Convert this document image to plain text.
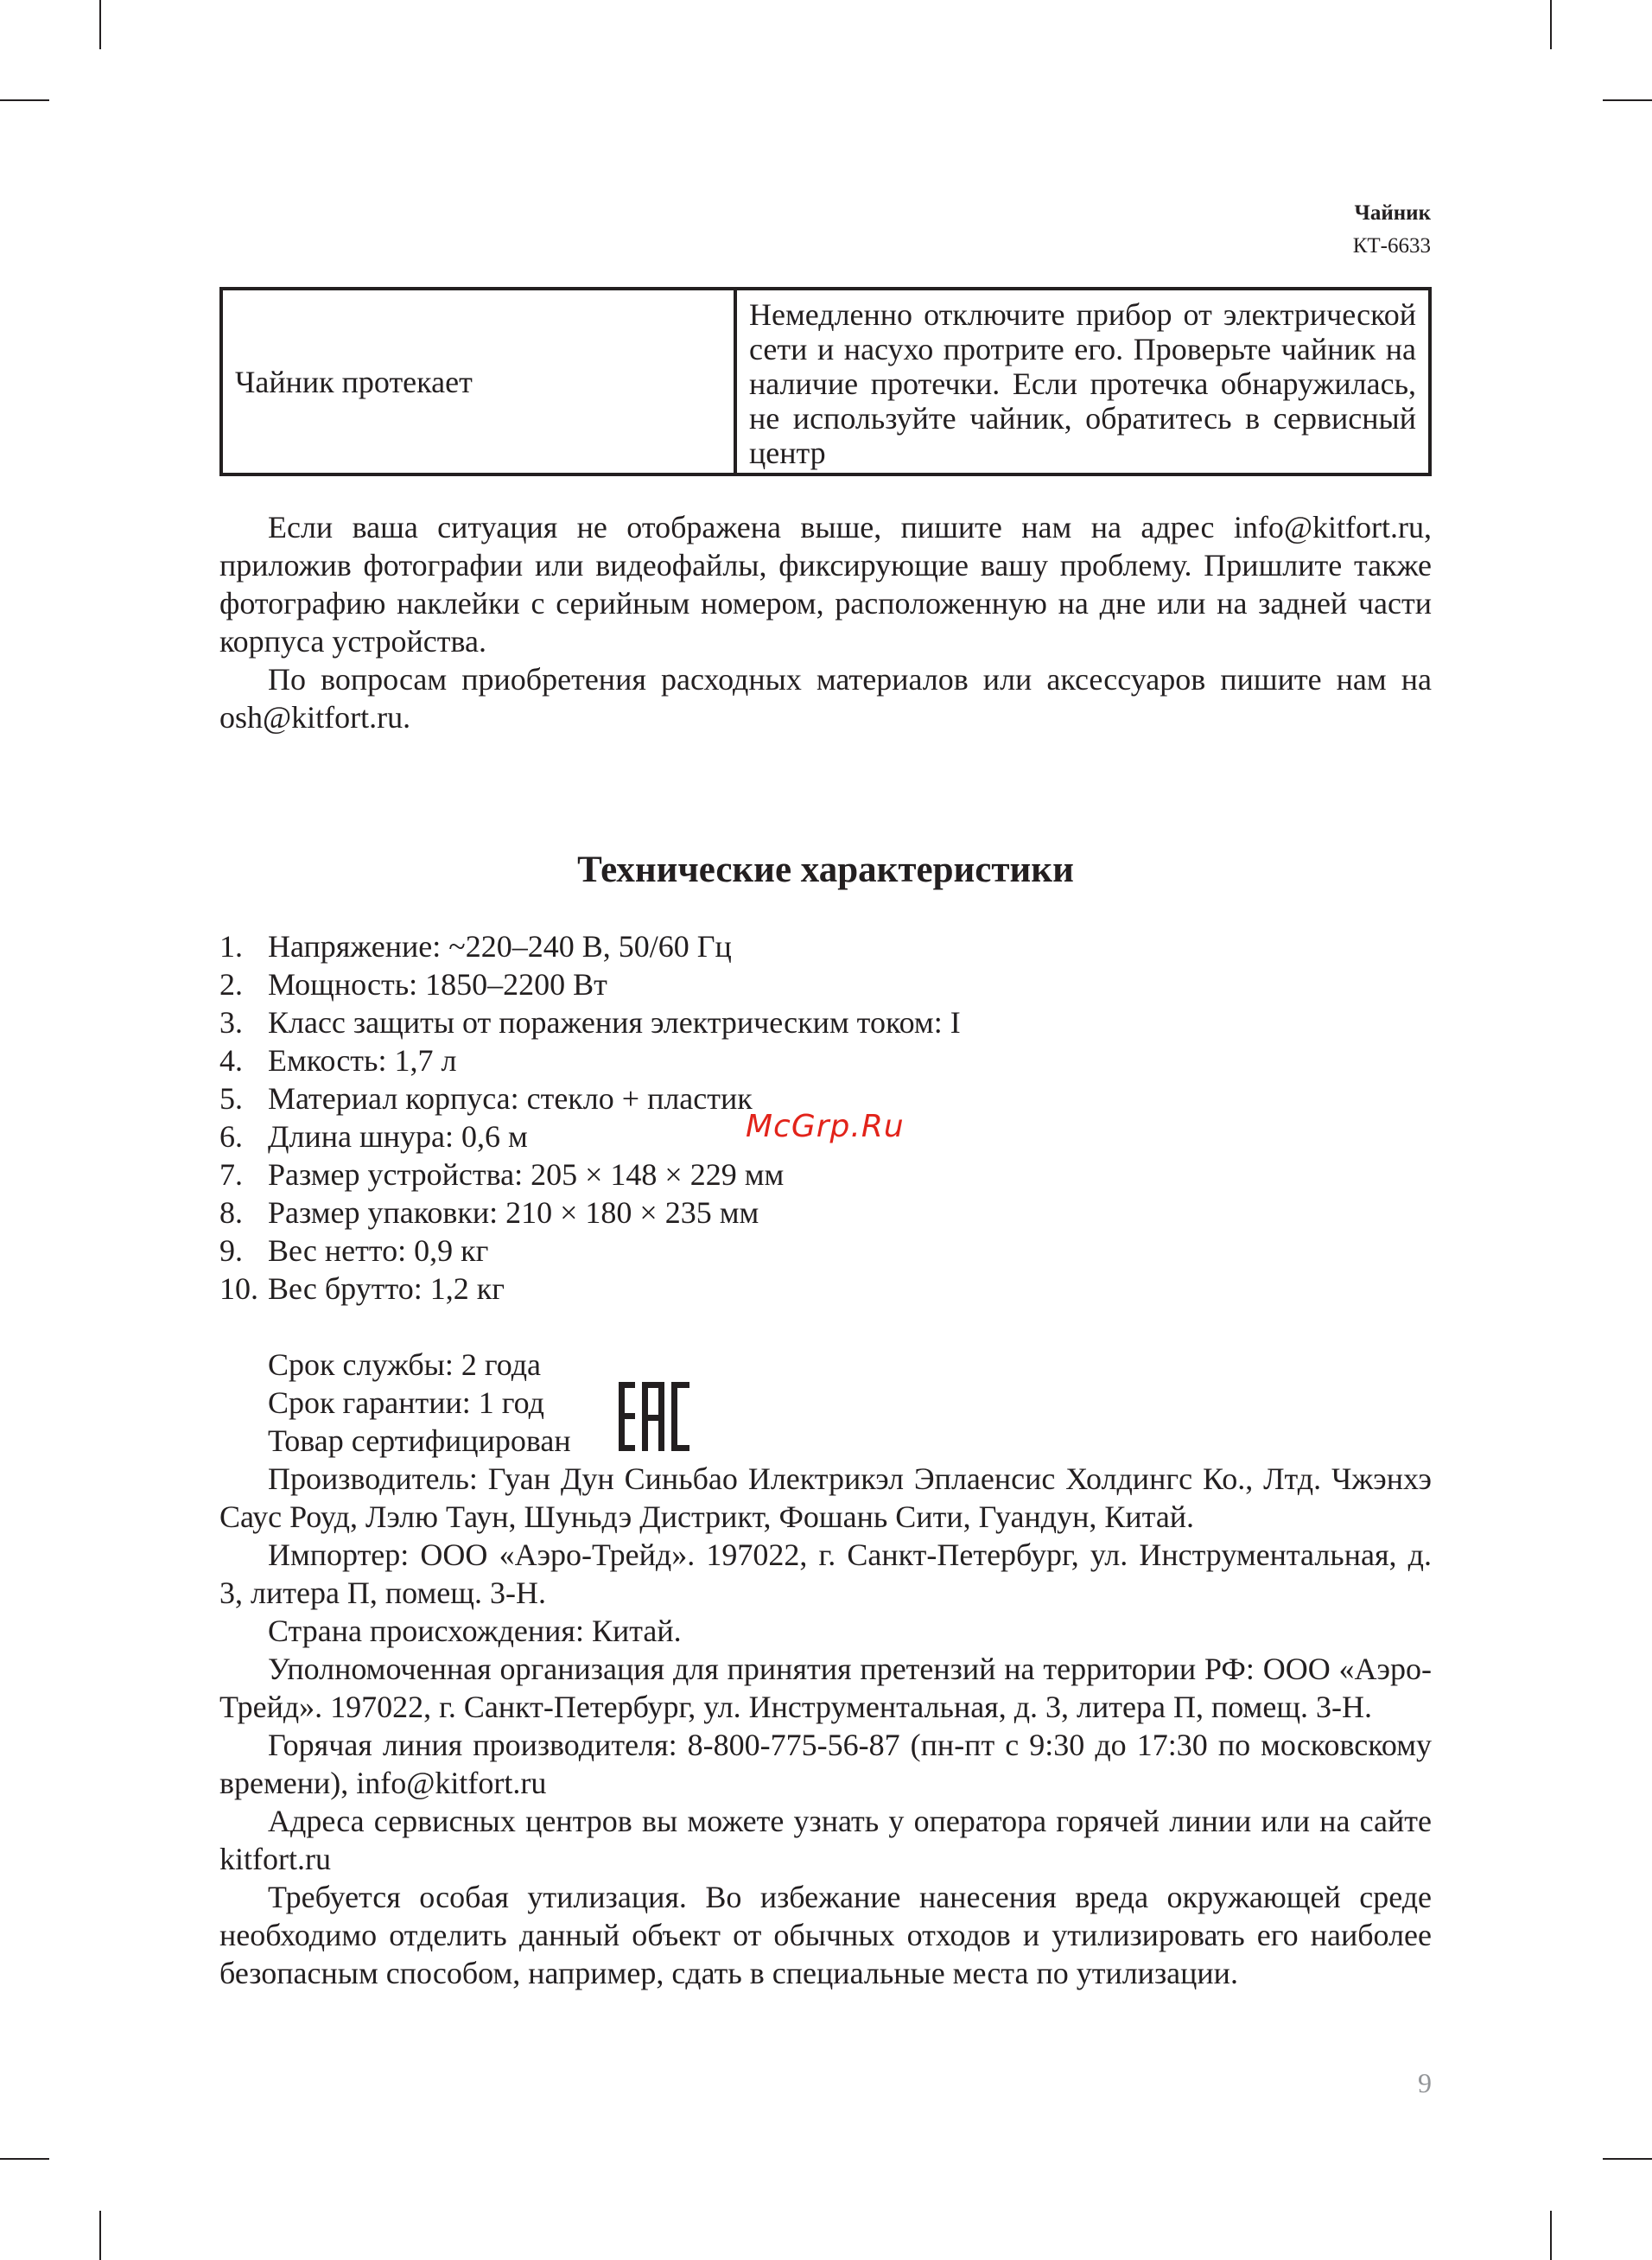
Чайник
КТ-6633
Чайник протекает	Немедленно отключите прибор от электрической сети и насухо протрите его. Проверьте чайник на наличие протечки. Если протечка обнаружилась, не используйте чайник, обратитесь в сервисный центр

Если ваша ситуация не отображена выше, пишите нам на адрес info@kitfort.ru, приложив фотографии или видеофайлы, фиксирующие вашу проблему. Пришлите также фотографию наклейки с серийным номером, расположенную на дне или на задней части корпуса устройства.

По вопросам приобретения расходных материалов или аксессуаров пишите нам на osh@kitfort.ru.

Технические характеристики
1. Напряжение: ~220–240 В, 50/60 Гц
2. Мощность: 1850–2200 Вт
3. Класс защиты от поражения электрическим током: I
4. Емкость: 1,7 л
5. Материал корпуса: стекло + пластик
6. Длина шнура: 0,6 м
7. Размер устройства: 205 × 148 × 229 мм
8. Размер упаковки: 210 × 180 × 235 мм
9. Вес нетто: 0,9 кг
10. Вес брутто: 1,2 кг
McGrp.Ru
Срок службы: 2 года
Срок гарантии: 1 год
Товар сертифицирован

Производитель: Гуан Дун Синьбао Илектрикэл Эплаенсис Холдингс Ко., Лтд. Чжэнхэ Саус Роуд, Лэлю Таун, Шуньдэ Дистрикт, Фошань Сити, Гуандун, Китай.

Импортер: ООО «Аэро-Трейд». 197022, г. Санкт-Петербург, ул. Инструментальная, д. 3, литера П, помещ. 3-Н.

Страна происхождения: Китай.

Уполномоченная организация для принятия претензий на территории РФ: ООО «Аэро-Трейд». 197022, г. Санкт-Петербург, ул. Инструментальная, д. 3, литера П, помещ. 3-Н.

Горячая линия производителя: 8-800-775-56-87 (пн-пт с 9:30 до 17:30 по московскому времени), info@kitfort.ru

Адреса сервисных центров вы можете узнать у оператора горячей линии или на сайте kitfort.ru

Требуется особая утилизация. Во избежание нанесения вреда окружающей среде необходимо отделить данный объект от обычных отходов и утилизировать его наиболее безопасным способом, например, сдать в специальные места по утилизации.

9
